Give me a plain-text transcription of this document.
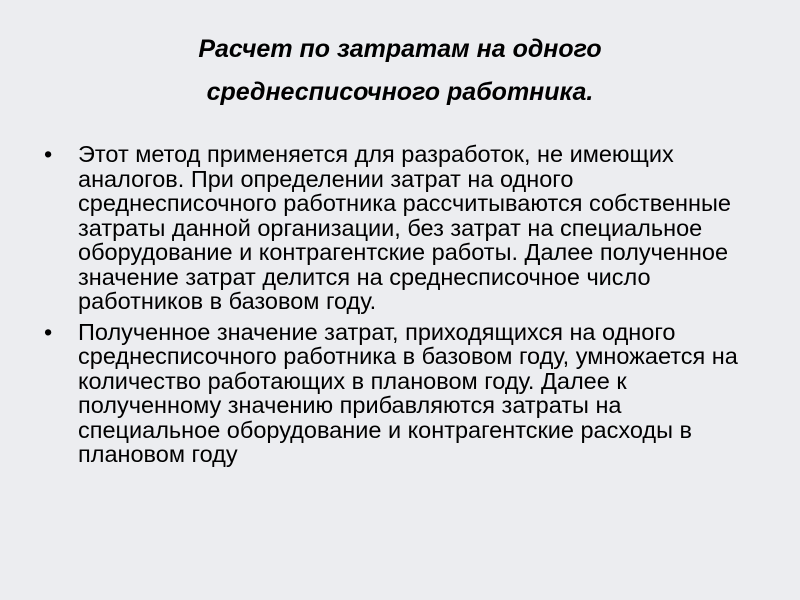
Расчет по затратам на одного
среднесписочного работника.
•	Этот метод применяется для разработок, не имеющих аналогов. При определении затрат на одного среднесписочного работника рассчитываются собственные затраты данной организации, без затрат на специальное оборудование и контрагентские работы. Далее полученное значение затрат делится на среднесписочное число работников в базовом году.
•	Полученное значение затрат, приходящихся на одного среднесписочного работника в базовом году, умножается на количество работающих в плановом году. Далее к полученному значению прибавляются затраты на специальное оборудование и контрагентские расходы в плановом году
